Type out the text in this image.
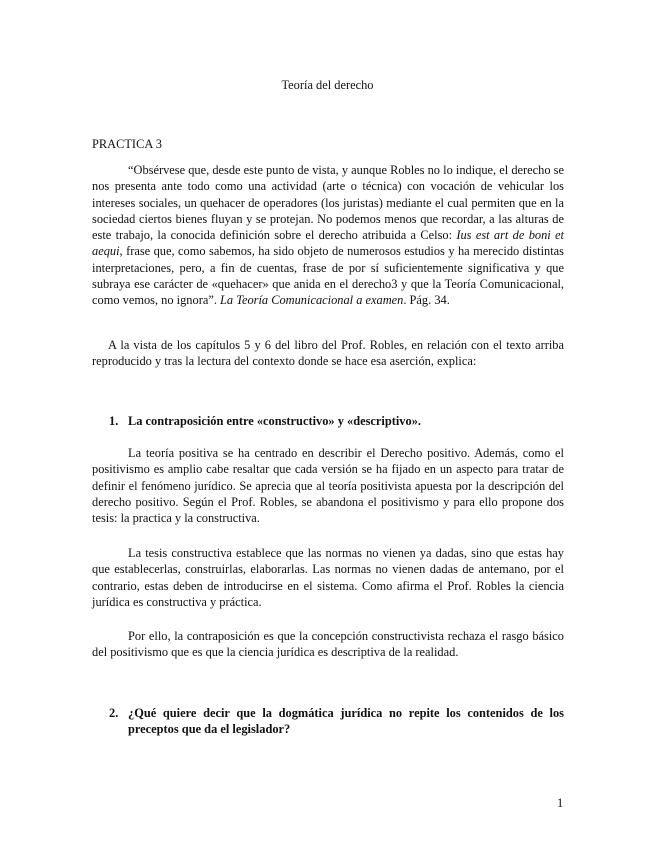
Teoría del derecho
PRACTICA 3

“Obsérvese que, desde este punto de vista, y aunque Robles no lo indique, el derecho se nos presenta ante todo como una actividad (arte o técnica) con vocación de vehicular los intereses sociales, un quehacer de operadores (los juristas) mediante el cual permiten que en la sociedad ciertos bienes fluyan y se protejan. No podemos menos que recordar, a las alturas de este trabajo, la conocida definición sobre el derecho atribuida a Celso: Ius est art de boni et aequi, frase que, como sabemos, ha sido objeto de numerosos estudios y ha merecido distintas interpretaciones, pero, a fin de cuentas, frase de por sí suficientemente significativa y que subraya ese carácter de «quehacer» que anida en el derecho3 y que la Teoría Comunicacional, como vemos, no ignora”. La Teoría Comunicacional a examen. Pág. 34.

A la vista de los capítulos 5 y 6 del libro del Prof. Robles, en relación con el texto arriba reproducido y tras la lectura del contexto donde se hace esa aserción, explica:

1. La contraposición entre «constructivo» y «descriptivo».

La teoría positiva se ha centrado en describir el Derecho positivo. Además, como el positivismo es amplio cabe resaltar que cada versión se ha fijado en un aspecto para tratar de definir el fenómeno jurídico. Se aprecia que al teoría positivista apuesta por la descripción del derecho positivo. Según el Prof. Robles, se abandona el positivismo y para ello propone dos tesis: la practica y la constructiva.

La tesis constructiva establece que las normas no vienen ya dadas, sino que estas hay que establecerlas, construirlas, elaborarlas. Las normas no vienen dadas de antemano, por el contrario, estas deben de introducirse en el sistema. Como afirma el Prof. Robles la ciencia jurídica es constructiva y práctica.

Por ello, la contraposición es que la concepción constructivista rechaza el rasgo básico del positivismo que es que la ciencia jurídica es descriptiva de la realidad.

2. ¿Qué quiere decir que la dogmática jurídica no repite los contenidos de los preceptos que da el legislador?
1
